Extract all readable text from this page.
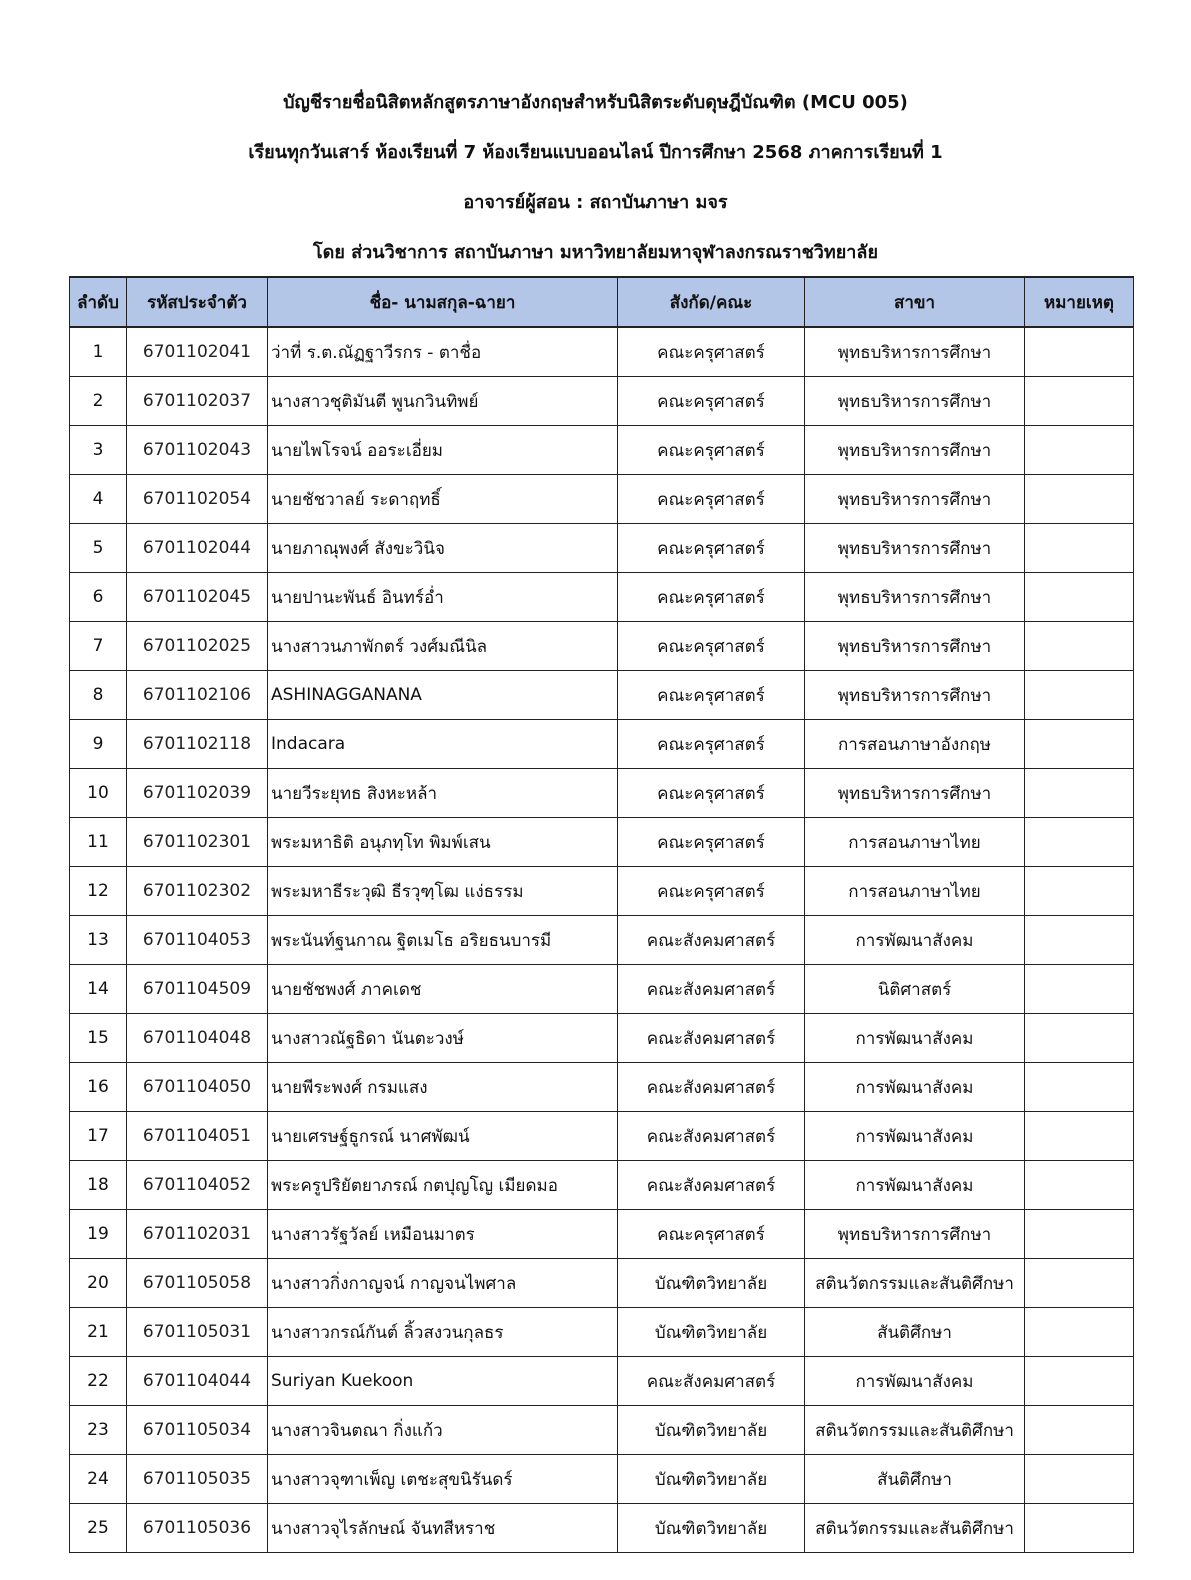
บัญชีรายชื่อนิสิตหลักสูตรภาษาอังกฤษสำหรับนิสิตระดับดุษฎีบัณฑิต (MCU 005)
เรียนทุกวันเสาร์ ห้องเรียนที่ 7 ห้องเรียนแบบออนไลน์ ปีการศึกษา 2568 ภาคการเรียนที่ 1
อาจารย์ผู้สอน : สถาบันภาษา มจร
โดย ส่วนวิชาการ สถาบันภาษา มหาวิทยาลัยมหาจุฬาลงกรณราชวิทยาลัย
ลำดับ	รหัสประจำตัว	ชื่อ- นามสกุล-ฉายา	สังกัด/คณะ	สาขา	หมายเหตุ
1	6701102041	ว่าที่ ร.ต.ณัฏฐาวีรกร - ตาชื่อ	คณะครุศาสตร์	พุทธบริหารการศึกษา	
2	6701102037	นางสาวชุติมันตี พูนกวินทิพย์	คณะครุศาสตร์	พุทธบริหารการศึกษา	
3	6701102043	นายไพโรจน์ ออระเอี่ยม	คณะครุศาสตร์	พุทธบริหารการศึกษา	
4	6701102054	นายชัชวาลย์ ระดาฤทธิ์	คณะครุศาสตร์	พุทธบริหารการศึกษา	
5	6701102044	นายภาณุพงศ์ สังขะวินิจ	คณะครุศาสตร์	พุทธบริหารการศึกษา	
6	6701102045	นายปานะพันธ์ อินทร์อ่ำ	คณะครุศาสตร์	พุทธบริหารการศึกษา	
7	6701102025	นางสาวนภาพักตร์ วงศ์มณีนิล	คณะครุศาสตร์	พุทธบริหารการศึกษา	
8	6701102106	ASHINAGGANANA	คณะครุศาสตร์	พุทธบริหารการศึกษา	
9	6701102118	Indacara	คณะครุศาสตร์	การสอนภาษาอังกฤษ	
10	6701102039	นายวีระยุทธ สิงหะหล้า	คณะครุศาสตร์	พุทธบริหารการศึกษา	
11	6701102301	พระมหาธิติ อนุภทฺโท พิมพ์เสน	คณะครุศาสตร์	การสอนภาษาไทย	
12	6701102302	พระมหาธีระวุฒิ ธีรวุฑฺโฒ แง่ธรรม	คณะครุศาสตร์	การสอนภาษาไทย	
13	6701104053	พระนันท์ฐนกาณ ฐิตเมโธ อริยธนบารมี	คณะสังคมศาสตร์	การพัฒนาสังคม	
14	6701104509	นายชัชพงศ์ ภาคเดช	คณะสังคมศาสตร์	นิติศาสตร์	
15	6701104048	นางสาวณัฐธิดา นันตะวงษ์	คณะสังคมศาสตร์	การพัฒนาสังคม	
16	6701104050	นายพีระพงศ์ กรมแสง	คณะสังคมศาสตร์	การพัฒนาสังคม	
17	6701104051	นายเศรษฐ์ธูกรณ์ นาศพัฒน์	คณะสังคมศาสตร์	การพัฒนาสังคม	
18	6701104052	พระครูปริยัตยาภรณ์ กตปุญโญ เมียดมอ	คณะสังคมศาสตร์	การพัฒนาสังคม	
19	6701102031	นางสาวรัฐวัลย์ เหมือนมาตร	คณะครุศาสตร์	พุทธบริหารการศึกษา	
20	6701105058	นางสาวกิ่งกาญจน์ กาญจนไพศาล	บัณฑิตวิทยาลัย	สตินวัตกรรมและสันติศึกษา	
21	6701105031	นางสาวกรณ์กันต์ ลิ้วสงวนกุลธร	บัณฑิตวิทยาลัย	สันติศึกษา	
22	6701104044	Suriyan Kuekoon	คณะสังคมศาสตร์	การพัฒนาสังคม	
23	6701105034	นางสาวจินตณา กิ่งแก้ว	บัณฑิตวิทยาลัย	สตินวัตกรรมและสันติศึกษา	
24	6701105035	นางสาวจุฑาเพ็ญ เตชะสุขนิรันดร์	บัณฑิตวิทยาลัย	สันติศึกษา	
25	6701105036	นางสาวจุไรลักษณ์ จันทสีหราช	บัณฑิตวิทยาลัย	สตินวัตกรรมและสันติศึกษา	
